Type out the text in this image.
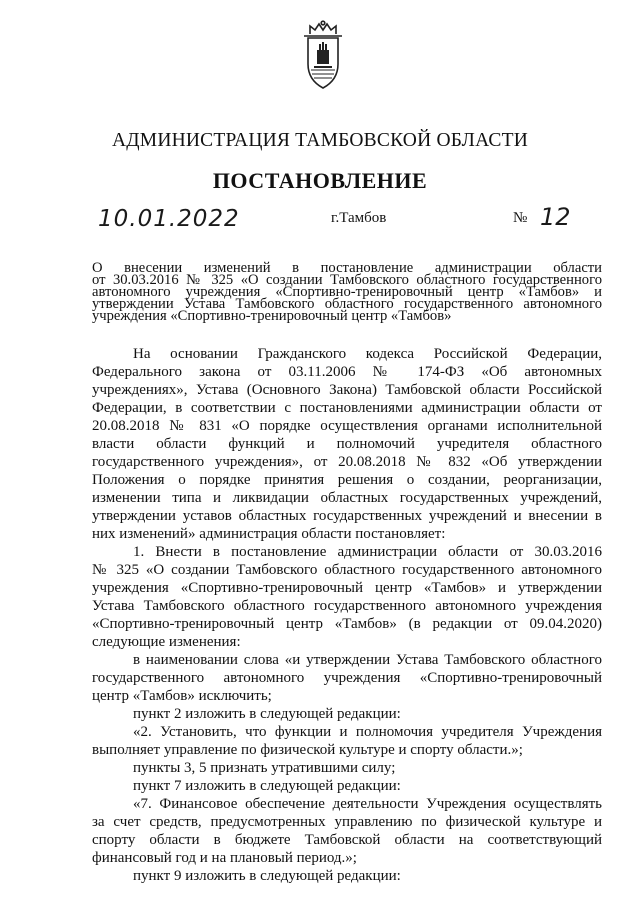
АДМИНИСТРАЦИЯ ТАМБОВСКОЙ ОБЛАСТИ
ПОСТАНОВЛЕНИЕ
10.01.2022	г.Тамбов	№ 12
О внесении изменений в постановление администрации области
от 30.03.2016 № 325 «О создании Тамбовского областного государственного
автономного учреждения «Спортивно-тренировочный центр «Тамбов» и
утверждении Устава Тамбовского областного государственного автономного
учреждения «Спортивно-тренировочный центр «Тамбов»
На основании Гражданского кодекса Российской Федерации,
Федерального закона от 03.11.2006 № 174-ФЗ «Об автономных
учреждениях», Устава (Основного Закона) Тамбовской области Российской
Федерации, в соответствии с постановлениями администрации области от
20.08.2018 № 831 «О порядке осуществления органами исполнительной
власти области функций и полномочий учредителя областного
государственного учреждения», от 20.08.2018 № 832 «Об утверждении
Положения о порядке принятия решения о создании, реорганизации,
изменении типа и ликвидации областных государственных учреждений,
утверждении уставов областных государственных учреждений и внесении в
них изменений» администрация области постановляет:
1. Внести в постановление администрации области от 30.03.2016
№ 325 «О создании Тамбовского областного государственного автономного
учреждения «Спортивно-тренировочный центр «Тамбов» и утверждении
Устава Тамбовского областного государственного автономного учреждения
«Спортивно-тренировочный центр «Тамбов» (в редакции от 09.04.2020)
следующие изменения:
в наименовании слова «и утверждении Устава Тамбовского областного
государственного автономного учреждения «Спортивно-тренировочный
центр «Тамбов» исключить;
пункт 2 изложить в следующей редакции:
«2. Установить, что функции и полномочия учредителя Учреждения
выполняет управление по физической культуре и спорту области.»;
пункты 3, 5 признать утратившими силу;
пункт 7 изложить в следующей редакции:
«7. Финансовое обеспечение деятельности Учреждения осуществлять
за счет средств, предусмотренных управлению по физической культуре и
спорту области в бюджете Тамбовской области на соответствующий
финансовый год и на плановый период.»;
пункт 9 изложить в следующей редакции:
